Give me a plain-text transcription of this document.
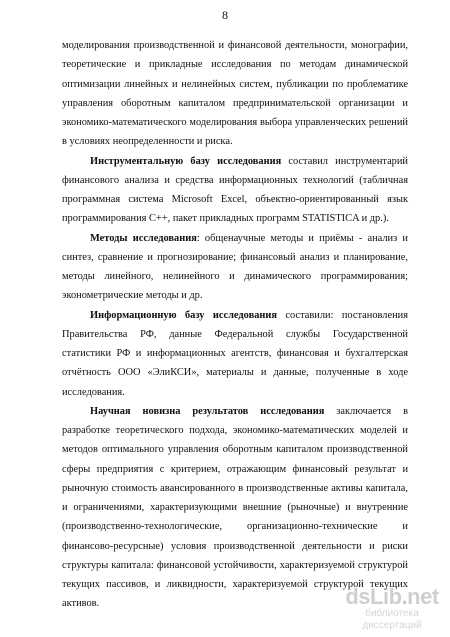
8

моделирования производственной и финансовой деятельности, монографии, теоретические и прикладные исследования по методам динамической оптимизации линейных и нелинейных систем, публикации по проблематике управления оборотным капиталом предпринимательской организации и экономико-математического моделирования выбора управленческих решений в условиях неопределенности и риска.

Инструментальную базу исследования составил инструментарий финансового анализа и средства информационных технологий (табличная программная система Microsoft Excel, объектно-ориентированный язык программирования С++, пакет прикладных программ STATISTICA и др.).

Методы исследования: общенаучные методы и приёмы - анализ и синтез, сравнение и прогнозирование; финансовый анализ и планирование, методы линейного, нелинейного и динамического программирования; эконометрические методы и др.

Информационную базу исследования составили: постановления Правительства РФ, данные Федеральной службы Государственной статистики РФ и информационных агентств, финансовая и бухгалтерская отчётность ООО «ЭлиКСИ», материалы и данные, полученные в ходе исследования.

Научная новизна результатов исследования заключается в разработке теоретического подхода, экономико-математических моделей и методов оптимального управления оборотным капиталом производственной сферы предприятия с критерием, отражающим финансовый результат и рыночную стоимость авансированного в производственные активы капитала, и ограничениями, характеризующими внешние (рыночные) и внутренние (производственно-технологические, организационно-технические и финансово-ресурсные) условия производственной деятельности и риски структуры капитала: финансовой устойчивости, характеризуемой структурой текущих пассивов, и ликвидности, характеризуемой структурой текущих активов.	dsLib.net
библиотека диссертаций
